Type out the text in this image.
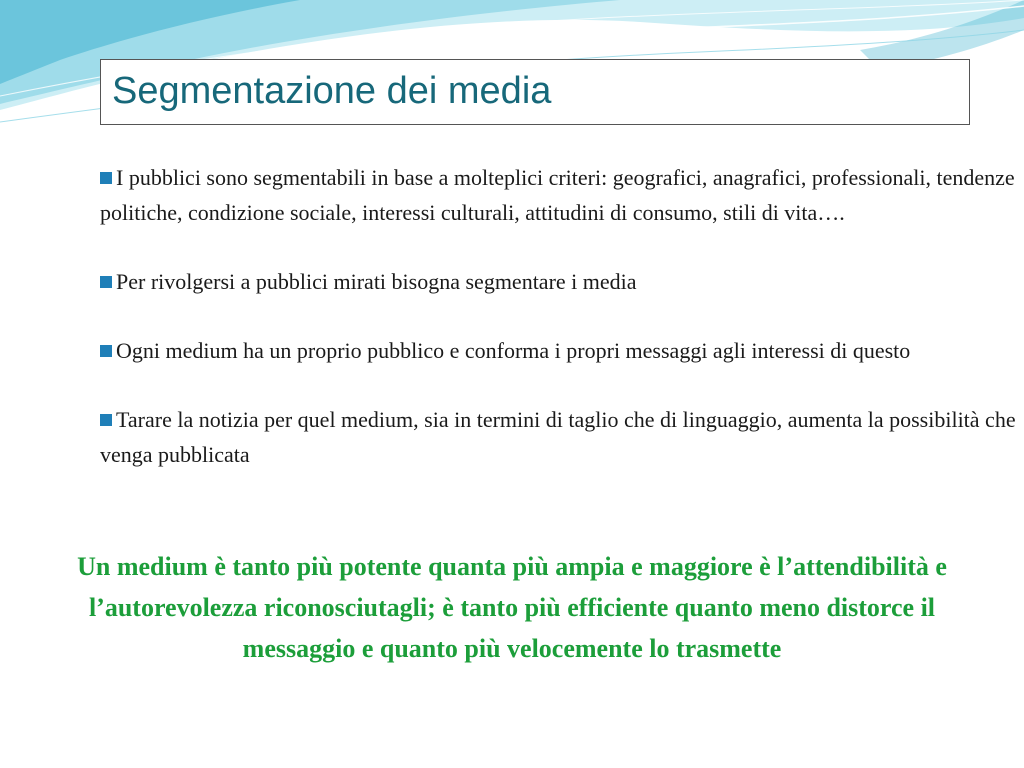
Segmentazione dei media

I pubblici sono segmentabili in base a molteplici criteri: geografici, anagrafici, professionali, tendenze politiche, condizione sociale, interessi culturali, attitudini di consumo, stili di vita….

Per rivolgersi a pubblici mirati bisogna segmentare i media

Ogni medium ha un proprio pubblico e conforma i propri messaggi agli interessi di questo

Tarare la notizia per quel medium, sia in termini di taglio che di linguaggio, aumenta la possibilità che venga pubblicata

Un medium è tanto più potente quanta più ampia e maggiore è l’attendibilità e l’autorevolezza riconosciutagli; è tanto più efficiente quanto meno distorce il messaggio e quanto più velocemente lo trasmette
